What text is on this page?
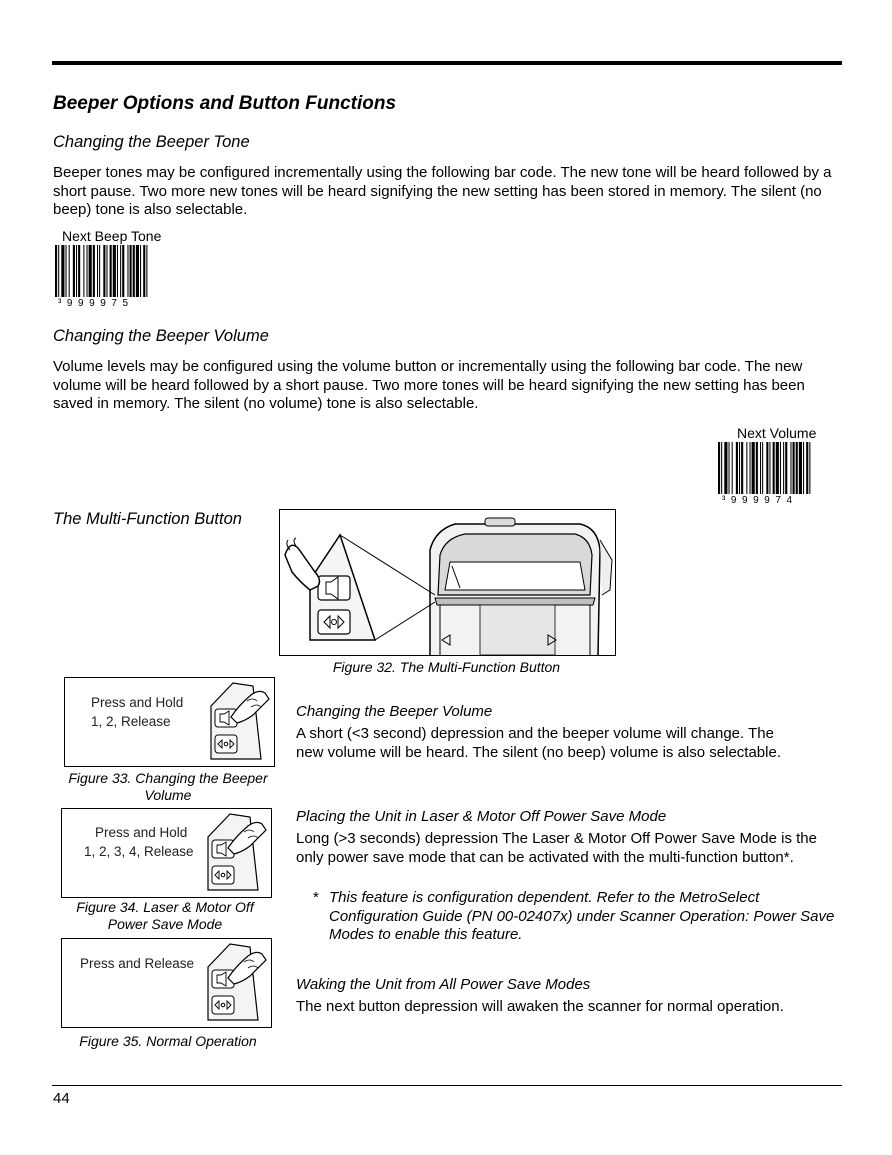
Beeper Options and Button Functions
Changing the Beeper Tone
Beeper tones may be configured incrementally using the following bar code. The new tone will be heard followed by a short pause. Two more new tones will be heard signifying the new setting has been stored in memory. The silent (no beep) tone is also selectable.
Next Beep Tone
³  9  9  9  9  7  5
Changing the Beeper Volume
Volume levels may be configured using the volume button or incrementally using the following bar code. The new volume will be heard followed by a short pause. Two more tones will be heard signifying the new setting has been saved in memory. The silent (no volume) tone is also selectable.
Next Volume
³  9  9  9  9  7  4
The Multi-Function Button
Figure 32. The Multi-Function Button
Press and Hold
1, 2, Release
Figure 33. Changing the Beeper Volume
Press and Hold
1, 2, 3, 4, Release
Figure 34. Laser & Motor Off Power Save Mode
Press and Release
Figure 35. Normal Operation
Changing the Beeper Volume
A short (<3 second) depression and the beeper volume will change. The new volume will be heard. The silent (no beep) volume is also selectable.
Placing the Unit in Laser & Motor Off Power Save Mode
Long (>3 seconds) depression The Laser & Motor Off Power Save Mode is the only power save mode that can be activated with the multi-function button*.
* This feature is configuration dependent. Refer to the MetroSelect Configuration Guide (PN 00-02407x) under Scanner Operation: Power Save Modes to enable this feature.
Waking the Unit from All Power Save Modes
The next button depression will awaken the scanner for normal operation.
44
